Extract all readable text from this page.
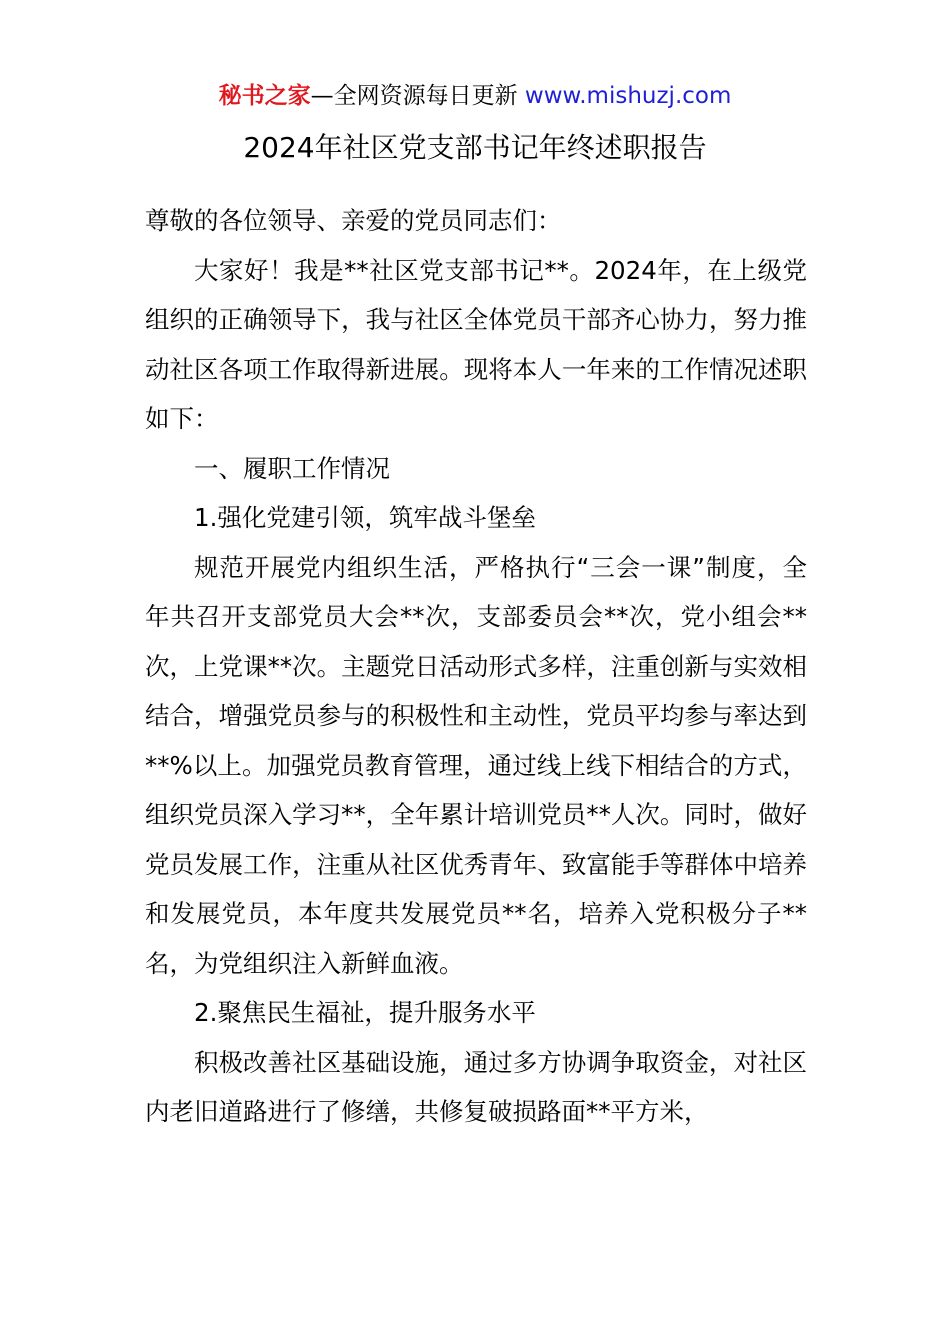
秘书之家—全网资源每日更新 www.mishuzj.com
2024年社区党支部书记年终述职报告

尊敬的各位领导、亲爱的党员同志们：

大家好！我是**社区党支部书记**。2024年，在上级党组织的正确领导下，我与社区全体党员干部齐心协力，努力推动社区各项工作取得新进展。现将本人一年来的工作情况述职如下：

一、履职工作情况

1.强化党建引领，筑牢战斗堡垒

规范开展党内组织生活，严格执行“三会一课”制度，全年共召开支部党员大会**次，支部委员会**次，党小组会**次，上党课**次。主题党日活动形式多样，注重创新与实效相结合，增强党员参与的积极性和主动性，党员平均参与率达到**%以上。加强党员教育管理，通过线上线下相结合的方式，组织党员深入学习**，全年累计培训党员**人次。同时，做好党员发展工作，注重从社区优秀青年、致富能手等群体中培养和发展党员，本年度共发展党员**名，培养入党积极分子**名，为党组织注入新鲜血液。

2.聚焦民生福祉，提升服务水平

积极改善社区基础设施，通过多方协调争取资金，对社区内老旧道路进行了修缮，共修复破损路面**平方米，
